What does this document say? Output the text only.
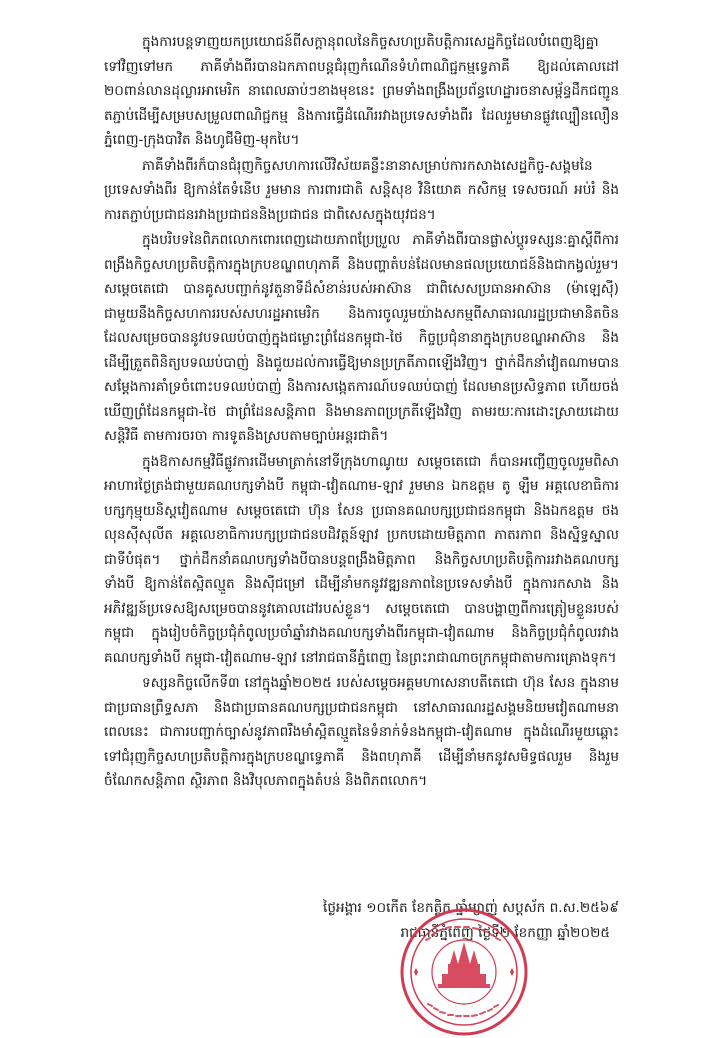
ក្នុងការបន្តទាញយកប្រយោជន៍ពីសក្តានុពលនៃកិច្ចសហប្រតិបត្តិការសេដ្ឋកិច្ចដែលបំពេញឱ្យគ្នាទៅវិញទៅមក ភាគីទាំងពីរបានឯកភាពបន្តជំរុញកំណើនទំហំពាណិជ្ជកម្មទ្វេភាគី ឱ្យដល់គោលដៅ ២០ពាន់លានដុល្លារអាមេរិក នាពេលឆាប់ៗខាងមុខនេះ ព្រមទាំងពង្រឹងប្រព័ន្ធហេដ្ឋារចនាសម្ព័ន្ធដឹកជញ្ជូនតភ្ជាប់ដើម្បីសម្របសម្រួលពាណិជ្ជកម្ម និងការធ្វើដំណើររវាងប្រទេសទាំងពីរ ដែលរួមមានផ្លូវល្បឿនលឿនភ្នំពេញ-ក្រុងបាវិត និងហូជីមិញ-មុកបៃ។

ភាគីទាំងពីរក៏បានជំរុញកិច្ចសហការលើវិស័យគន្លឹះនានាសម្រាប់ការកសាងសេដ្ឋកិច្ច-សង្គមនៃប្រទេសទាំងពីរ ឱ្យកាន់តែទំនើប រួមមាន ការពារជាតិ សន្តិសុខ វិនិយោគ កសិកម្ម ទេសចរណ៍ អប់រំ និងការតភ្ជាប់ប្រជាជនរវាងប្រជាជននិងប្រជាជន ជាពិសេសក្នុងយុវជន។

ក្នុងបរិបទនៃពិភពលោកពោរពេញដោយភាពប្រែប្រួល ភាគីទាំងពីរបានផ្លាស់ប្តូរទស្សនៈគ្នាស្តីពីការពង្រឹងកិច្ចសហប្រតិបត្តិការក្នុងក្របខណ្ឌពហុភាគី និងបញ្ហាតំបន់ដែលមានផលប្រយោជន៍និងជាកង្វល់រួម។ សម្តេចតេជោ បានគូសបញ្ជាក់នូវតួនាទីដ៏សំខាន់របស់អាស៊ាន ជាពិសេសប្រធានអាស៊ាន (ម៉ាឡេស៊ី) ជាមួយនឹងកិច្ចសហការរបស់សហរដ្ឋអាមេរិក និងការចូលរួមយ៉ាងសកម្មពីសាធារណរដ្ឋប្រជាមានិតចិន ដែលសម្រេចបាននូវបទឈប់បាញ់ក្នុងជម្លោះព្រំដែនកម្ពុជា-ថៃ កិច្ចប្រជុំនានាក្នុងក្របខណ្ឌអាស៊ាន និងដើម្បីត្រួតពិនិត្យបទឈប់បាញ់ និងជួយដល់ការធ្វើឱ្យមានប្រក្រតីភាពឡើងវិញ។ ថ្នាក់ដឹកនាំវៀតណាមបានសម្តែងការគាំទ្រចំពោះបទឈប់បាញ់ និងការសង្កេតការណ៍បទឈប់បាញ់ ដែលមានប្រសិទ្ធភាព ហើយចង់ឃើញព្រំដែនកម្ពុជា-ថៃ ជាព្រំដែនសន្តិភាព និងមានភាពប្រក្រតីឡើងវិញ តាមរយៈការដោះស្រាយដោយសន្តិវិធី តាមការចរចា ការទូតនិងស្របតាមច្បាប់អន្តរជាតិ។

ក្នុងឱកាសកម្មវិធីផ្លូវការដើមមាត្រាក់នៅទីក្រុងហាណូយ សម្តេចតេជោ ក៏បានអញ្ជើញចូលរួមពិសាអាហារថ្ងៃត្រង់ជាមួយគណបក្សទាំងបី កម្ពុជា-វៀតណាម-ឡាវ រួមមាន ឯកឧត្តម តូ ឡឹម អគ្គលេខាធិការបក្សកុម្មុយនិស្តវៀតណាម សម្តេចតេជោ ហ៊ុន សែន ប្រធានគណបក្សប្រជាជនកម្ពុជា និងឯកឧត្តម ថង លុនស៊ីសុលីត អគ្គលេខាធិការបក្សប្រជាជនបដិវត្តន៍ឡាវ ប្រកបដោយមិត្តភាព ភាតរភាព និងស្និទ្ធស្នាលជាទីបំផុត។ ថ្នាក់ដឹកនាំគណបក្សទាំងបីបានបន្តពង្រឹងមិត្តភាព និងកិច្ចសហប្រតិបត្តិការរវាងគណបក្សទាំងបី ឱ្យកាន់តែស្អិតល្មួត និងស៊ីជម្រៅ ដើម្បីនាំមកនូវវឌ្ឍនភាពនៃប្រទេសទាំងបី ក្នុងការកសាង និងអភិវឌ្ឍន៍ប្រទេសឱ្យសម្រេចបាននូវគោលដៅរបស់ខ្លួន។ សម្តេចតេជោ បានបង្ហាញពីការត្រៀមខ្លួនរបស់កម្ពុជា ក្នុងរៀបចំកិច្ចប្រជុំកំពូលប្រចាំឆ្នាំរវាងគណបក្សទាំងពីរកម្ពុជា-វៀតណាម និងកិច្ចប្រជុំកំពូលរវាងគណបក្សទាំងបី កម្ពុជា-វៀតណាម-ឡាវ នៅរាជធានីភ្នំពេញ នៃព្រះរាជាណាចក្រកម្ពុជាតាមការគ្រោងទុក។

ទស្សនកិច្ចលើកទី៣ នៅក្នុងឆ្នាំ២០២៥ របស់សម្តេចអគ្គមហាសេនាបតីតេជោ ហ៊ុន សែន ក្នុងនាមជាប្រធានព្រឹទ្ធសភា និងជាប្រធានគណបក្សប្រជាជនកម្ពុជា នៅសាធារណរដ្ឋសង្គមនិយមវៀតណាមនាពេលនេះ ជាការបញ្ជាក់ច្បាស់នូវភាពរឹងមាំស្អិតល្មួតនៃទំនាក់ទំនងកម្ពុជា-វៀតណាម ក្នុងដំណើរមួយឆ្ពោះទៅជំរុញកិច្ចសហប្រតិបត្តិការក្នុងក្របខណ្ឌទ្វេភាគី និងពហុភាគី ដើម្បីនាំមកនូវសមិទ្ធផលរួម និងរួមចំណែកសន្តិភាព ស្ថិរភាព និងវិបុលភាពក្នុងតំបន់ និងពិភពលោក។

ថ្ងៃអង្គារ ១០កើត ខែកត្តិក ឆ្នាំម្សាញ់ សប្តស័ក ព.ស.២៥៦៩
រាជធានីភ្នំពេញ ថ្ងៃទី២ ខែកញ្ញា ឆ្នាំ២០២៥
